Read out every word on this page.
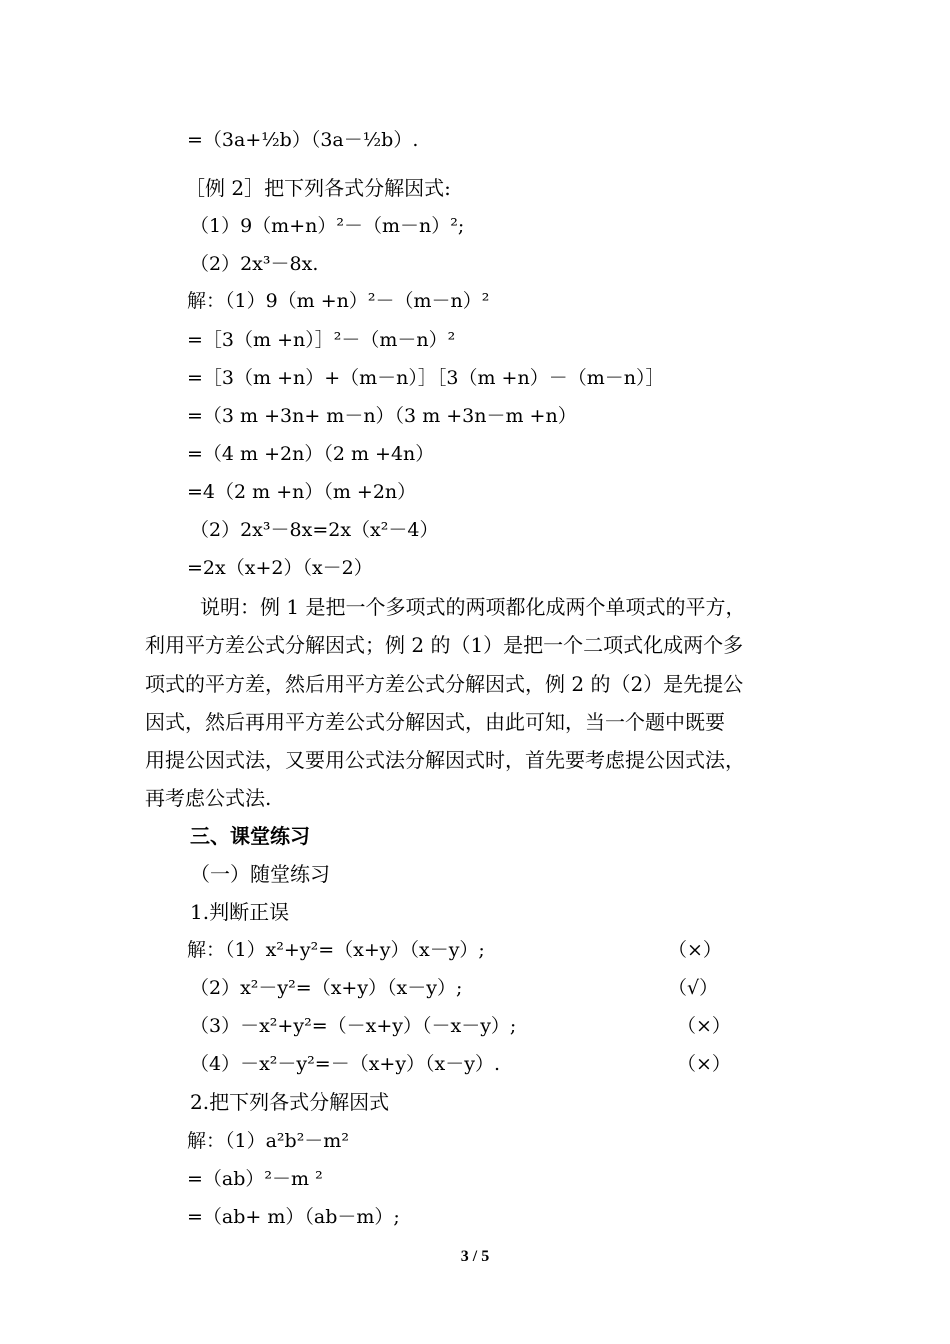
=（3a+½b）（3a－½b）.
［例 2］把下列各式分解因式:
（1）9（m+n）²－（m－n）²;
（2）2x³－8x.
解：（1）9（m +n）²－（m－n）²
=［3（m +n）］²－（m－n）²
=［3（m +n）+（m－n）］［3（m +n）－（m－n）］
=（3 m +3n+ m－n）（3 m +3n－m +n）
=（4 m +2n）（2 m +4n）
=4（2 m +n）（m +2n）
（2）2x³－8x=2x（x²－4）
=2x（x+2）（x－2）
说明：例 1 是把一个多项式的两项都化成两个单项式的平方，
利用平方差公式分解因式；例 2 的（1）是把一个二项式化成两个多
项式的平方差，然后用平方差公式分解因式，例 2 的（2）是先提公
因式，然后再用平方差公式分解因式，由此可知，当一个题中既要
用提公因式法，又要用公式法分解因式时，首先要考虑提公因式法，
再考虑公式法.
三、课堂练习
（一）随堂练习
1.判断正误
解：（1）x²+y²=（x+y）（x－y）;	（×）
（2）x²－y²=（x+y）（x－y）;	（√）
（3）－x²+y²=（－x+y）（－x－y）;	（×）
（4）－x²－y²=－（x+y）（x－y）.	（×）
2.把下列各式分解因式
解：（1）a²b²－m²
=（ab）²－m ²
=（ab+ m）（ab－m）;
3 / 5
